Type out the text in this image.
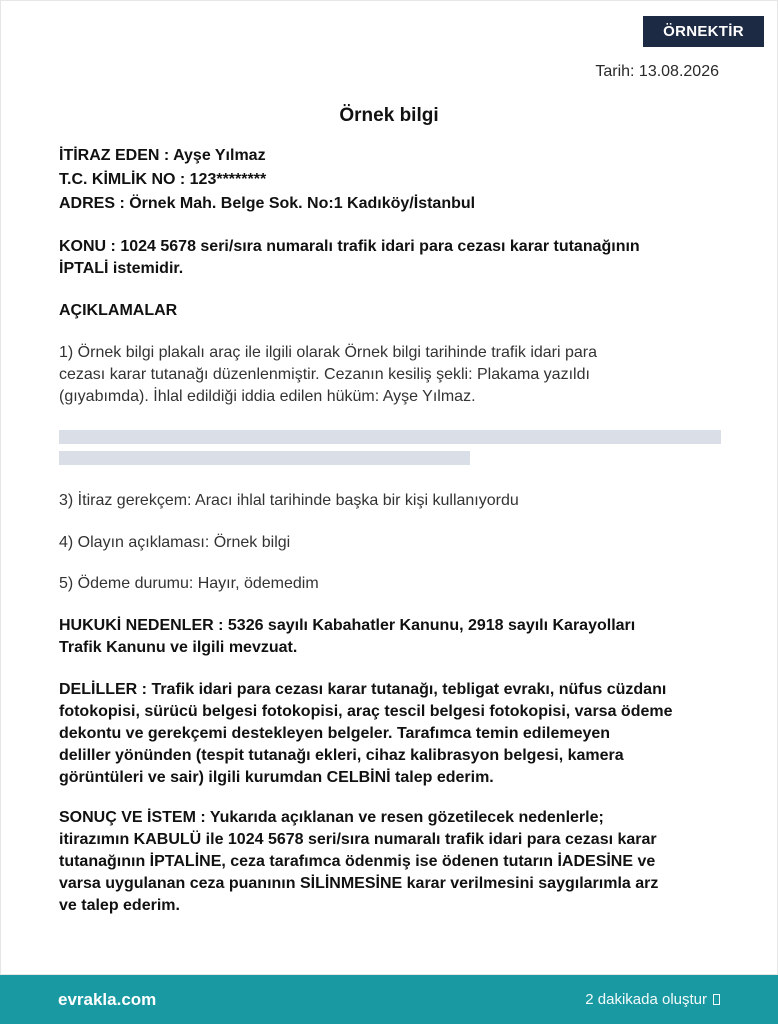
ÖRNEKTİR
Tarih: 13.08.2026
Örnek bilgi
İTİRAZ EDEN : Ayşe Yılmaz
T.C. KİMLİK NO : 123********
ADRES : Örnek Mah. Belge Sok. No:1 Kadıköy/İstanbul
KONU : 1024 5678 seri/sıra numaralı trafik idari para cezası karar tutanağının
İPTALİ istemidir.
AÇIKLAMALAR
1) Örnek bilgi plakalı araç ile ilgili olarak Örnek bilgi tarihinde trafik idari para
cezası karar tutanağı düzenlenmiştir. Cezanın kesiliş şekli: Plakama yazıldı
(gıyabımda). İhlal edildiği iddia edilen hüküm: Ayşe Yılmaz.
3) İtiraz gerekçem: Aracı ihlal tarihinde başka bir kişi kullanıyordu
4) Olayın açıklaması: Örnek bilgi
5) Ödeme durumu: Hayır, ödemedim
HUKUKİ NEDENLER : 5326 sayılı Kabahatler Kanunu, 2918 sayılı Karayolları
Trafik Kanunu ve ilgili mevzuat.
DELİLLER : Trafik idari para cezası karar tutanağı, tebligat evrakı, nüfus cüzdanı
fotokopisi, sürücü belgesi fotokopisi, araç tescil belgesi fotokopisi, varsa ödeme
dekontu ve gerekçemi destekleyen belgeler. Tarafımca temin edilemeyen
deliller yönünden (tespit tutanağı ekleri, cihaz kalibrasyon belgesi, kamera
görüntüleri ve sair) ilgili kurumdan CELBİNİ talep ederim.
SONUÇ VE İSTEM : Yukarıda açıklanan ve resen gözetilecek nedenlerle;
itirazımın KABULÜ ile 1024 5678 seri/sıra numaralı trafik idari para cezası karar
tutanağının İPTALİNE, ceza tarafımca ödenmiş ise ödenen tutarın İADESİNE ve
varsa uygulanan ceza puanının SİLİNMESİNE karar verilmesini saygılarımla arz
ve talep ederim.
evrakla.com	2 dakikada oluştur
